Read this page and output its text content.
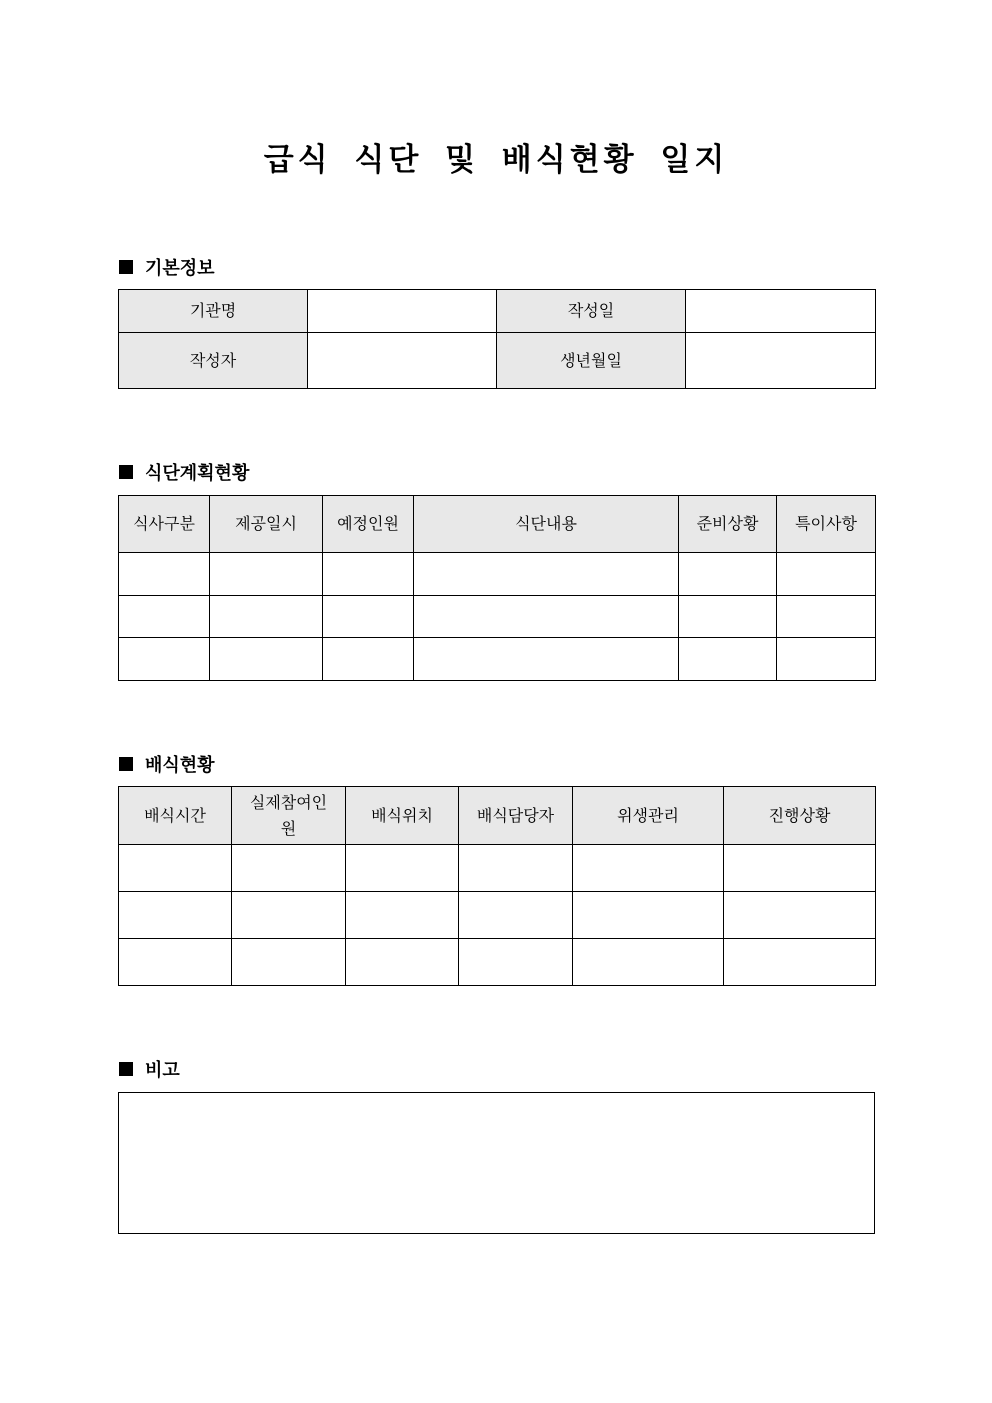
급식 식단 및 배식현황 일지
기본정보
기관명		작성일	
작성자		생년월일	
식단계획현황
식사구분	제공일시	예정인원	식단내용	준비상황	특이사항

배식현황
배식시간	실제참여인원	배식위치	배식담당자	위생관리	진행상황

비고
